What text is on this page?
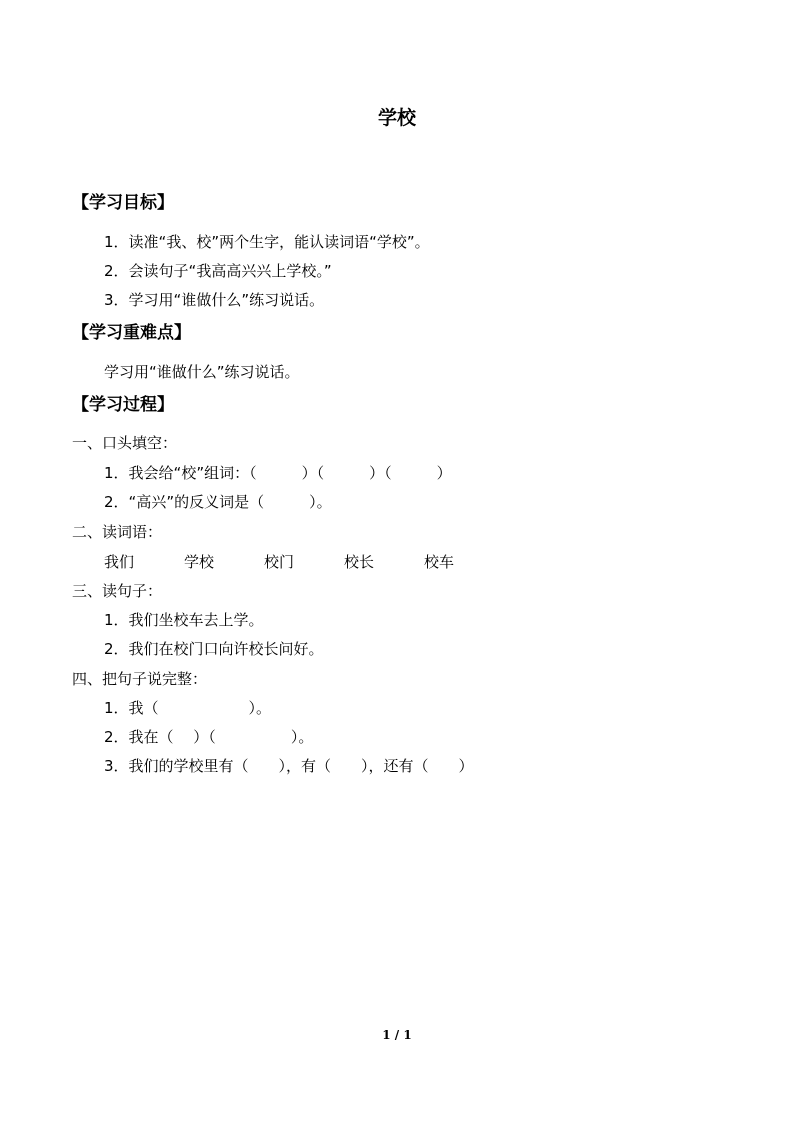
学校
【学习目标】
1．读准“我、校”两个生字，能认读词语“学校”。
2．会读句子“我高高兴兴上学校。”
3．学习用“谁做什么”练习说话。
【学习重难点】
学习用“谁做什么”练习说话。
【学习过程】
一、口头填空：
1．我会给“校”组词：（　　　）（　　　）（　　　）
2．“高兴”的反义词是（　　　）。
二、读词语：
我们	学校	校门	校长	校车
三、读句子：
1．我们坐校车去上学。
2．我们在校门口向许校长问好。
四、把句子说完整：
1．我（　　　　　　）。
2．我在（　 ）（　　　　　）。
3．我们的学校里有（　　），有（　　），还有（　　）
1 / 1
